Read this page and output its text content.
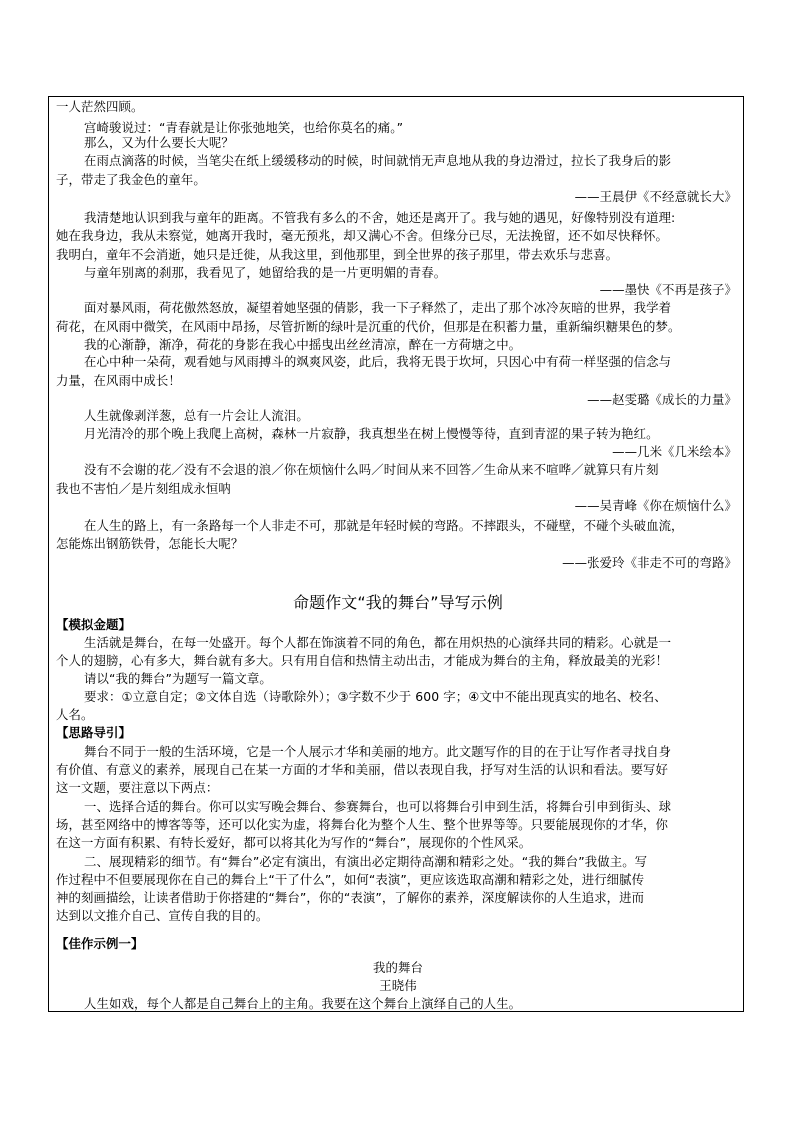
一人茫然四顾。
宫崎骏说过：“青春就是让你张弛地笑，也给你莫名的痛。”
那么，又为什么要长大呢？
在雨点滴落的时候，当笔尖在纸上缓缓移动的时候，时间就悄无声息地从我的身边滑过，拉长了我身后的影
子，带走了我金色的童年。
——王晨伊《不经意就长大》
我清楚地认识到我与童年的距离。不管我有多么的不舍，她还是离开了。我与她的遇见，好像特别没有道理:
她在我身边，我从未察觉，她离开我时，毫无预兆，却又满心不舍。但缘分已尽，无法挽留，还不如尽快释怀。
我明白，童年不会消逝，她只是迁徙，从我这里，到他那里，到全世界的孩子那里，带去欢乐与悲喜。
与童年别离的刹那，我看见了，她留给我的是一片更明媚的青春。
——墨快《不再是孩子》
面对暴风雨，荷花傲然怒放，凝望着她坚强的倩影，我一下子释然了，走出了那个冰冷灰暗的世界，我学着
荷花，在风雨中微笑，在风雨中昂扬，尽管折断的绿叶是沉重的代价，但那是在积蓄力量，重新编织糖果色的梦。
我的心渐静，渐净，荷花的身影在我心中摇曳出丝丝清凉，醉在一方荷塘之中。
在心中种一朵荷，观看她与风雨搏斗的飒爽风姿，此后，我将无畏于坎坷，只因心中有荷一样坚强的信念与
力量，在风雨中成长！
——赵雯璐《成长的力量》
人生就像剥洋葱，总有一片会让人流泪。
月光清冷的那个晚上我爬上高树，森林一片寂静，我真想坐在树上慢慢等待，直到青涩的果子转为艳红。
——几米《几米绘本》
没有不会谢的花／没有不会退的浪／你在烦恼什么吗／时间从来不回答／生命从来不喧哗／就算只有片刻
我也不害怕／是片刻组成永恒呐
——吴青峰《你在烦恼什么》
在人生的路上，有一条路每一个人非走不可，那就是年轻时候的弯路。不摔跟头，不碰壁，不碰个头破血流，
怎能炼出钢筋铁骨，怎能长大呢？
——张爱玲《非走不可的弯路》
命题作文“我的舞台”导写示例
【模拟金题】
生活就是舞台，在每一处盛开。每个人都在饰演着不同的角色，都在用炽热的心演绎共同的精彩。心就是一
个人的翅膀，心有多大，舞台就有多大。只有用自信和热情主动出击，才能成为舞台的主角，释放最美的光彩！
请以“我的舞台”为题写一篇文章。
要求：①立意自定；②文体自选（诗歌除外）；③字数不少于 600 字；④文中不能出现真实的地名、校名、
人名。
【思路导引】
舞台不同于一般的生活环境，它是一个人展示才华和美丽的地方。此文题写作的目的在于让写作者寻找自身
有价值、有意义的素养，展现自己在某一方面的才华和美丽，借以表现自我，抒写对生活的认识和看法。要写好
这一文题，要注意以下两点：
一、选择合适的舞台。你可以实写晚会舞台、参赛舞台，也可以将舞台引申到生活，将舞台引申到街头、球
场，甚至网络中的博客等等，还可以化实为虚，将舞台化为整个人生、整个世界等等。只要能展现你的才华，你
在这一方面有积累、有特长爱好，都可以将其化为写作的“舞台”，展现你的个性风采。
二、展现精彩的细节。有“舞台”必定有演出，有演出必定期待高潮和精彩之处。“我的舞台”我做主。写
作过程中不但要展现你在自己的舞台上“干了什么”，如何“表演”，更应该选取高潮和精彩之处，进行细腻传
神的刻画描绘，让读者借助于你搭建的“舞台”，你的“表演”，了解你的素养，深度解读你的人生追求，进而
达到以文推介自己、宣传自我的目的。
【佳作示例一】
我的舞台
王晓伟
人生如戏，每个人都是自己舞台上的主角。我要在这个舞台上演绎自己的人生。
